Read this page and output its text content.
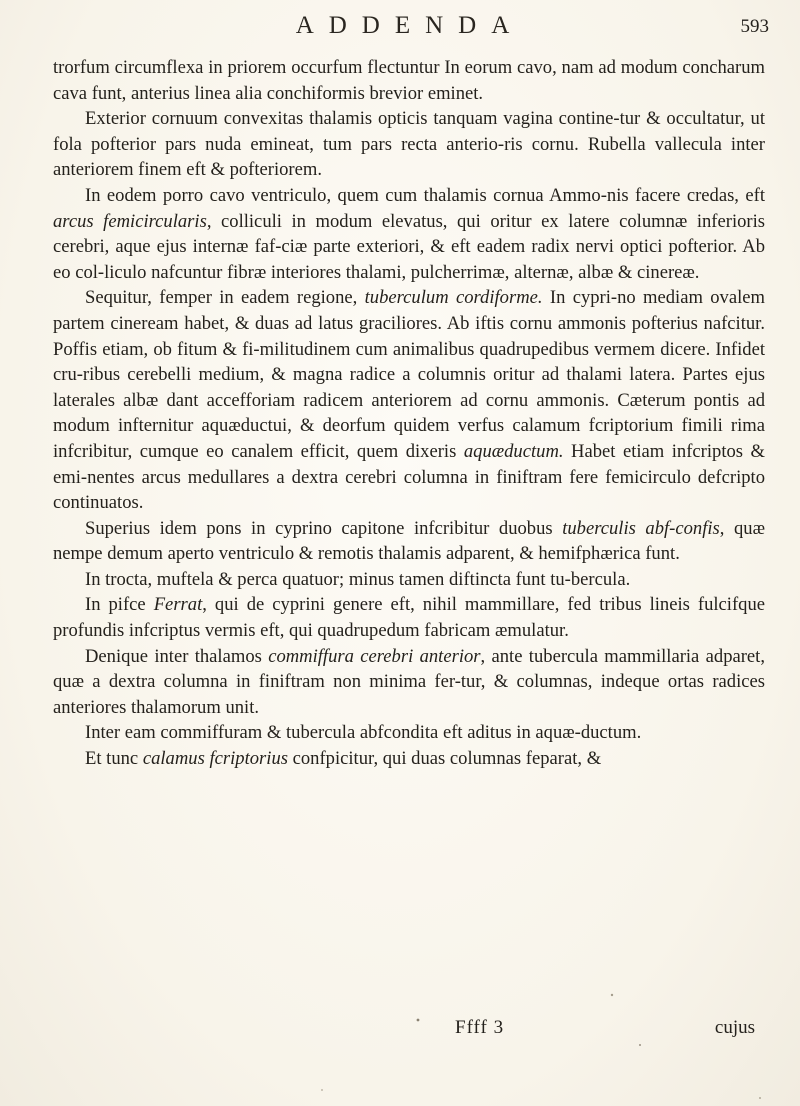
ADDENDA	593

trorfum circumflexa in priorem occurfum flectuntur In eorum cavo, nam ad modum concharum cava funt, anterius linea alia conchiformis brevior eminet.

Exterior cornuum convexitas thalamis opticis tanquam vagina contine-tur & occultatur, ut fola pofterior pars nuda emineat, tum pars recta anterio-ris cornu. Rubella vallecula inter anteriorem finem eft & pofteriorem.

In eodem porro cavo ventriculo, quem cum thalamis cornua Ammo-nis facere credas, eft arcus femicircularis, colliculi in modum elevatus, qui oritur ex latere columnæ inferioris cerebri, aque ejus internæ faf-ciæ parte exteriori, & eft eadem radix nervi optici pofterior. Ab eo col-liculo nafcuntur fibræ interiores thalami, pulcherrimæ, alternæ, albæ & cinereæ.

Sequitur, femper in eadem regione, tuberculum cordiforme. In cypri-no mediam ovalem partem cineream habet, & duas ad latus graciliores. Ab iftis cornu ammonis pofterius nafcitur. Poffis etiam, ob fitum & fi-militudinem cum animalibus quadrupedibus vermem dicere. Infidet cru-ribus cerebelli medium, & magna radice a columnis oritur ad thalami latera. Partes ejus laterales albæ dant accefforiam radicem anteriorem ad cornu ammonis. Cæterum pontis ad modum infternitur aquæductui, & deorfum quidem verfus calamum fcriptorium fimili rima infcribitur, cumque eo canalem efficit, quem dixeris aquæductum. Habet etiam infcriptos & emi-nentes arcus medullares a dextra cerebri columna in finiftram fere femicirculo defcripto continuatos.

Superius idem pons in cyprino capitone infcribitur duobus tuberculis abf-confis, quæ nempe demum aperto ventriculo & remotis thalamis adparent, & hemifphærica funt.

In trocta, muftela & perca quatuor; minus tamen diftincta funt tu-bercula.

In pifce Ferrat, qui de cyprini genere eft, nihil mammillare, fed tribus lineis fulcifque profundis infcriptus vermis eft, qui quadrupedum fabricam æmulatur.

Denique inter thalamos commiffura cerebri anterior, ante tubercula mammillaria adparet, quæ a dextra columna in finiftram non minima fer-tur, & columnas, indeque ortas radices anteriores thalamorum unit.

Inter eam commiffuram & tubercula abfcondita eft aditus in aquæ-ductum.

Et tunc calamus fcriptorius confpicitur, qui duas columnas feparat, &

Ffff 3	cujus
